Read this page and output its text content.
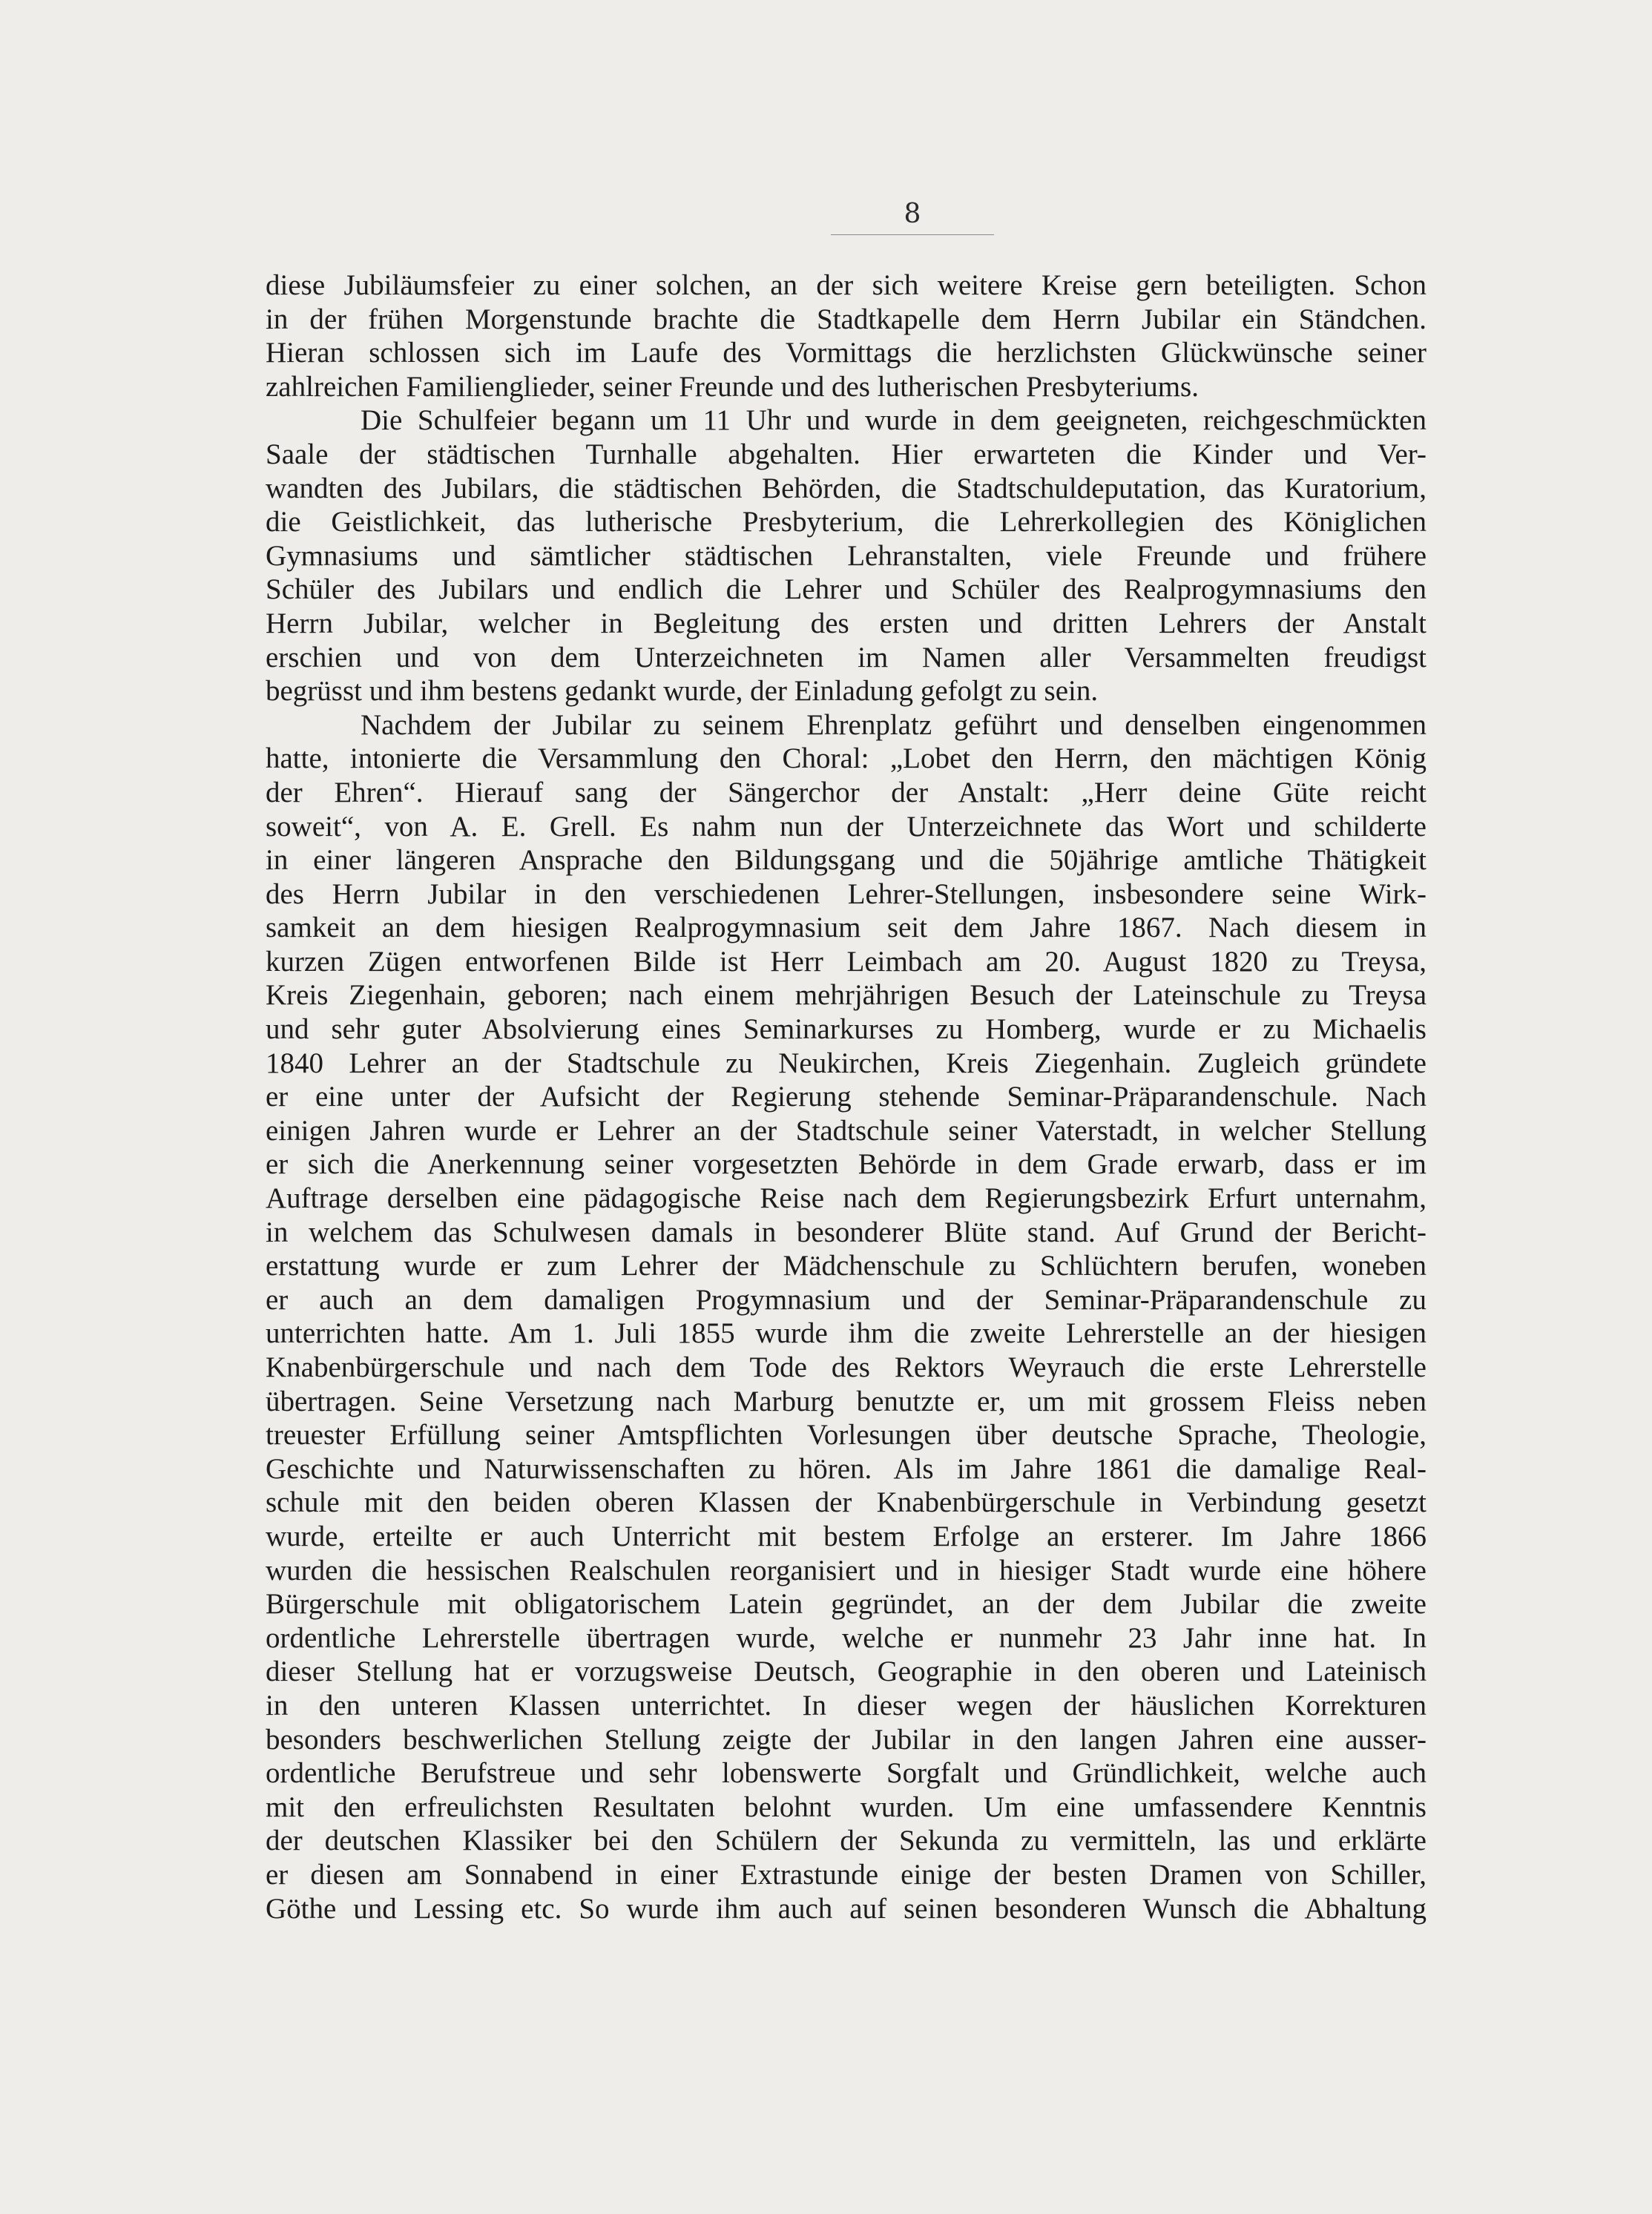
8
diese Jubiläumsfeier zu einer solchen, an der sich weitere Kreise gern beteiligten. Schon
in der frühen Morgenstunde brachte die Stadtkapelle dem Herrn Jubilar ein Ständchen.
Hieran schlossen sich im Laufe des Vormittags die herzlichsten Glückwünsche seiner
zahlreichen Familienglieder, seiner Freunde und des lutherischen Presbyteriums.
Die Schulfeier begann um 11 Uhr und wurde in dem geeigneten, reichgeschmückten
Saale der städtischen Turnhalle abgehalten. Hier erwarteten die Kinder und Ver-
wandten des Jubilars, die städtischen Behörden, die Stadtschuldeputation, das Kuratorium,
die Geistlichkeit, das lutherische Presbyterium, die Lehrerkollegien des Königlichen
Gymnasiums und sämtlicher städtischen Lehranstalten, viele Freunde und frühere
Schüler des Jubilars und endlich die Lehrer und Schüler des Realprogymnasiums den
Herrn Jubilar, welcher in Begleitung des ersten und dritten Lehrers der Anstalt
erschien und von dem Unterzeichneten im Namen aller Versammelten freudigst
begrüsst und ihm bestens gedankt wurde, der Einladung gefolgt zu sein.
Nachdem der Jubilar zu seinem Ehrenplatz geführt und denselben eingenommen
hatte, intonierte die Versammlung den Choral: „Lobet den Herrn, den mächtigen König
der Ehren“. Hierauf sang der Sängerchor der Anstalt: „Herr deine Güte reicht
soweit“, von A. E. Grell. Es nahm nun der Unterzeichnete das Wort und schilderte
in einer längeren Ansprache den Bildungsgang und die 50jährige amtliche Thätigkeit
des Herrn Jubilar in den verschiedenen Lehrer-Stellungen, insbesondere seine Wirk-
samkeit an dem hiesigen Realprogymnasium seit dem Jahre 1867. Nach diesem in
kurzen Zügen entworfenen Bilde ist Herr Leimbach am 20. August 1820 zu Treysa,
Kreis Ziegenhain, geboren; nach einem mehrjährigen Besuch der Lateinschule zu Treysa
und sehr guter Absolvierung eines Seminarkurses zu Homberg, wurde er zu Michaelis
1840 Lehrer an der Stadtschule zu Neukirchen, Kreis Ziegenhain. Zugleich gründete
er eine unter der Aufsicht der Regierung stehende Seminar-Präparandenschule. Nach
einigen Jahren wurde er Lehrer an der Stadtschule seiner Vaterstadt, in welcher Stellung
er sich die Anerkennung seiner vorgesetzten Behörde in dem Grade erwarb, dass er im
Auftrage derselben eine pädagogische Reise nach dem Regierungsbezirk Erfurt unternahm,
in welchem das Schulwesen damals in besonderer Blüte stand. Auf Grund der Bericht-
erstattung wurde er zum Lehrer der Mädchenschule zu Schlüchtern berufen, woneben
er auch an dem damaligen Progymnasium und der Seminar-Präparandenschule zu
unterrichten hatte. Am 1. Juli 1855 wurde ihm die zweite Lehrerstelle an der hiesigen
Knabenbürgerschule und nach dem Tode des Rektors Weyrauch die erste Lehrerstelle
übertragen. Seine Versetzung nach Marburg benutzte er, um mit grossem Fleiss neben
treuester Erfüllung seiner Amtspflichten Vorlesungen über deutsche Sprache, Theologie,
Geschichte und Naturwissenschaften zu hören. Als im Jahre 1861 die damalige Real-
schule mit den beiden oberen Klassen der Knabenbürgerschule in Verbindung gesetzt
wurde, erteilte er auch Unterricht mit bestem Erfolge an ersterer. Im Jahre 1866
wurden die hessischen Realschulen reorganisiert und in hiesiger Stadt wurde eine höhere
Bürgerschule mit obligatorischem Latein gegründet, an der dem Jubilar die zweite
ordentliche Lehrerstelle übertragen wurde, welche er nunmehr 23 Jahr inne hat. In
dieser Stellung hat er vorzugsweise Deutsch, Geographie in den oberen und Lateinisch
in den unteren Klassen unterrichtet. In dieser wegen der häuslichen Korrekturen
besonders beschwerlichen Stellung zeigte der Jubilar in den langen Jahren eine ausser-
ordentliche Berufstreue und sehr lobenswerte Sorgfalt und Gründlichkeit, welche auch
mit den erfreulichsten Resultaten belohnt wurden. Um eine umfassendere Kenntnis
der deutschen Klassiker bei den Schülern der Sekunda zu vermitteln, las und erklärte
er diesen am Sonnabend in einer Extrastunde einige der besten Dramen von Schiller,
Göthe und Lessing etc. So wurde ihm auch auf seinen besonderen Wunsch die Abhaltung
